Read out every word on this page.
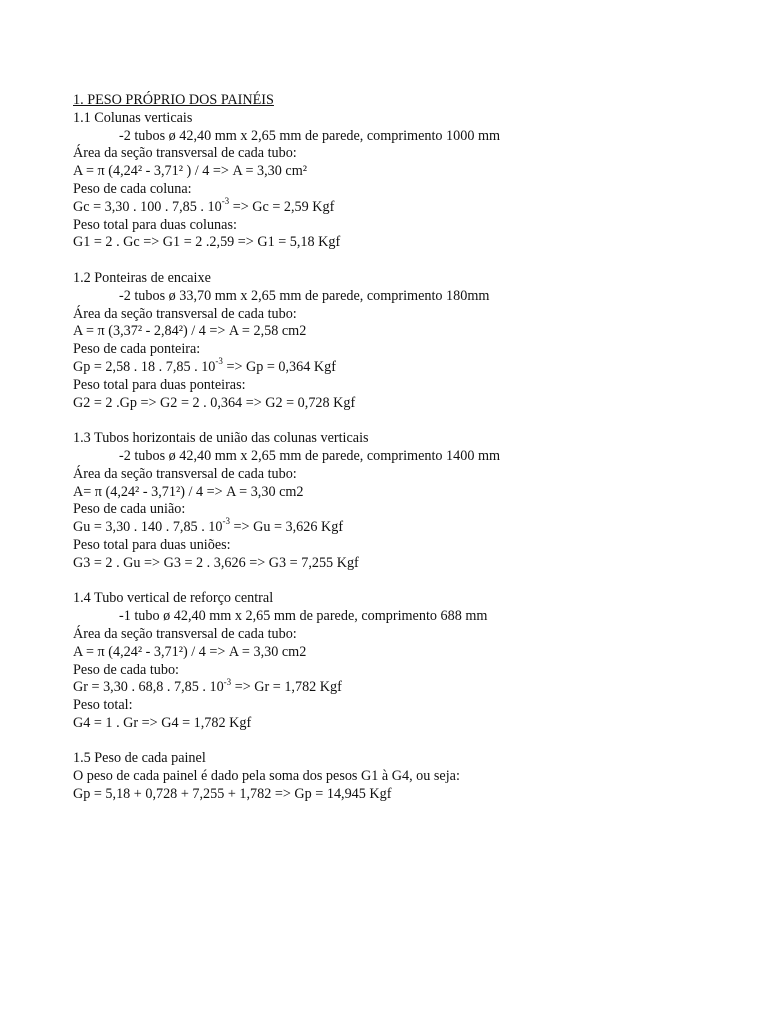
1. PESO PRÓPRIO DOS PAINÉIS
1.1 Colunas verticais
-2 tubos ø 42,40 mm x 2,65 mm de parede, comprimento 1000 mm
Área da seção transversal de cada tubo:
A = π (4,24² - 3,71² ) / 4 => A = 3,30 cm²
Peso de cada coluna:
Gc = 3,30 . 100 . 7,85 . $10^{-3} => Gc = 2,59$ Kgf
Peso total para duas colunas:
G1 = 2 . Gc => G1 = 2 .2,59 => G1 = 5,18 Kgf
1.2 Ponteiras de encaixe
-2 tubos ø 33,70 mm x 2,65 mm de parede, comprimento 180mm
Área da seção transversal de cada tubo:
A = π (3,37² - 2,84²) / 4 => A = 2,58 cm2
Peso de cada ponteira:
Gp = 2,58 . 18 . 7,85 . $10^{-3} => Gp = 0,364$ Kgf
Peso total para duas ponteiras:
G2 = 2 .Gp => G2 = 2 . 0,364 => G2 = 0,728 Kgf
1.3 Tubos horizontais de união das colunas verticais
-2 tubos ø 42,40 mm x 2,65 mm de parede, comprimento 1400 mm
Área da seção transversal de cada tubo:
A= π (4,24² - 3,71²) / 4 => A = 3,30 cm2
Peso de cada união:
Gu = 3,30 . 140 . 7,85 . $10^{-3} => Gu = 3,626$ Kgf
Peso total para duas uniões:
G3 = 2 . Gu => G3 = 2 . 3,626 => G3 = 7,255 Kgf
1.4 Tubo vertical de reforço central
-1 tubo ø 42,40 mm x 2,65 mm de parede, comprimento 688 mm
Área da seção transversal de cada tubo:
A = π (4,24² - 3,71²) / 4 => A = 3,30 cm2
Peso de cada tubo:
Gr = 3,30 . 68,8 . 7,85 . $10^{-3} => Gr = 1,782$ Kgf
Peso total:
G4 = 1 . Gr => G4 = 1,782 Kgf
1.5 Peso de cada painel
O peso de cada painel é dado pela soma dos pesos G1 à G4, ou seja:
Gp = 5,18 + 0,728 + 7,255 + 1,782 => Gp = 14,945 Kgf
